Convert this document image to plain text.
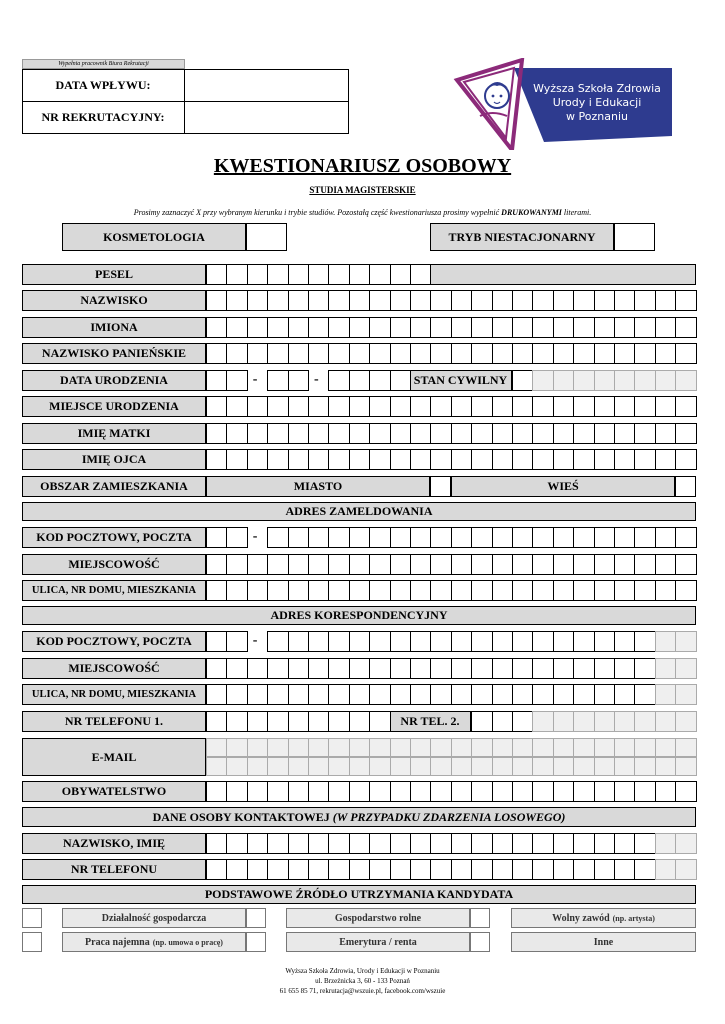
Wypełnia pracownik Biura Rekrutacji
DATA WPŁYWU:
NR REKRUTACYJNY:
Wyższa Szkoła Zdrowia
Urody i Edukacji
w Poznaniu
KWESTIONARIUSZ OSOBOWY
STUDIA MAGISTERSKIE
Prosimy zaznaczyć X przy wybranym kierunku i trybie studiów. Pozostałą część kwestionariusza prosimy wypełnić DRUKOWANYMI literami.
KOSMETOLOGIA	TRYB NIESTACJONARNY
PESEL
NAZWISKO
IMIONA
NAZWISKO PANIEŃSKIE
DATA URODZENIA	STAN CYWILNY
MIEJSCE URODZENIA
IMIĘ MATKI
IMIĘ OJCA
OBSZAR ZAMIESZKANIA	MIASTO	WIEŚ
ADRES ZAMELDOWANIA
KOD POCZTOWY, POCZTA
MIEJSCOWOŚĆ
ULICA, NR DOMU, MIESZKANIA
ADRES KORESPONDENCYJNY
KOD POCZTOWY, POCZTA
MIEJSCOWOŚĆ
ULICA, NR DOMU, MIESZKANIA
NR TELEFONU 1.	NR TEL. 2.
E-MAIL
OBYWATELSTWO
DANE OSOBY KONTAKTOWEJ
(W PRZYPADKU ZDARZENIA LOSOWEGO)
NAZWISKO, IMIĘ
NR TELEFONU
PODSTAWOWE ŹRÓDŁO UTRZYMANIA KANDYDATA
Działalność gospodarcza	Gospodarstwo rolne	Wolny zawód (np. artysta)
Praca najemna (np. umowa o pracę)	Emerytura / renta	Inne
Wyższa Szkoła Zdrowia, Urody i Edukacji w Poznaniu
ul. Brzeźnicka 3, 60 - 133 Poznań
61 655 85 71, rekrutacja@wszuie.pl, facebook.com/wszuie
-	-
-
-
